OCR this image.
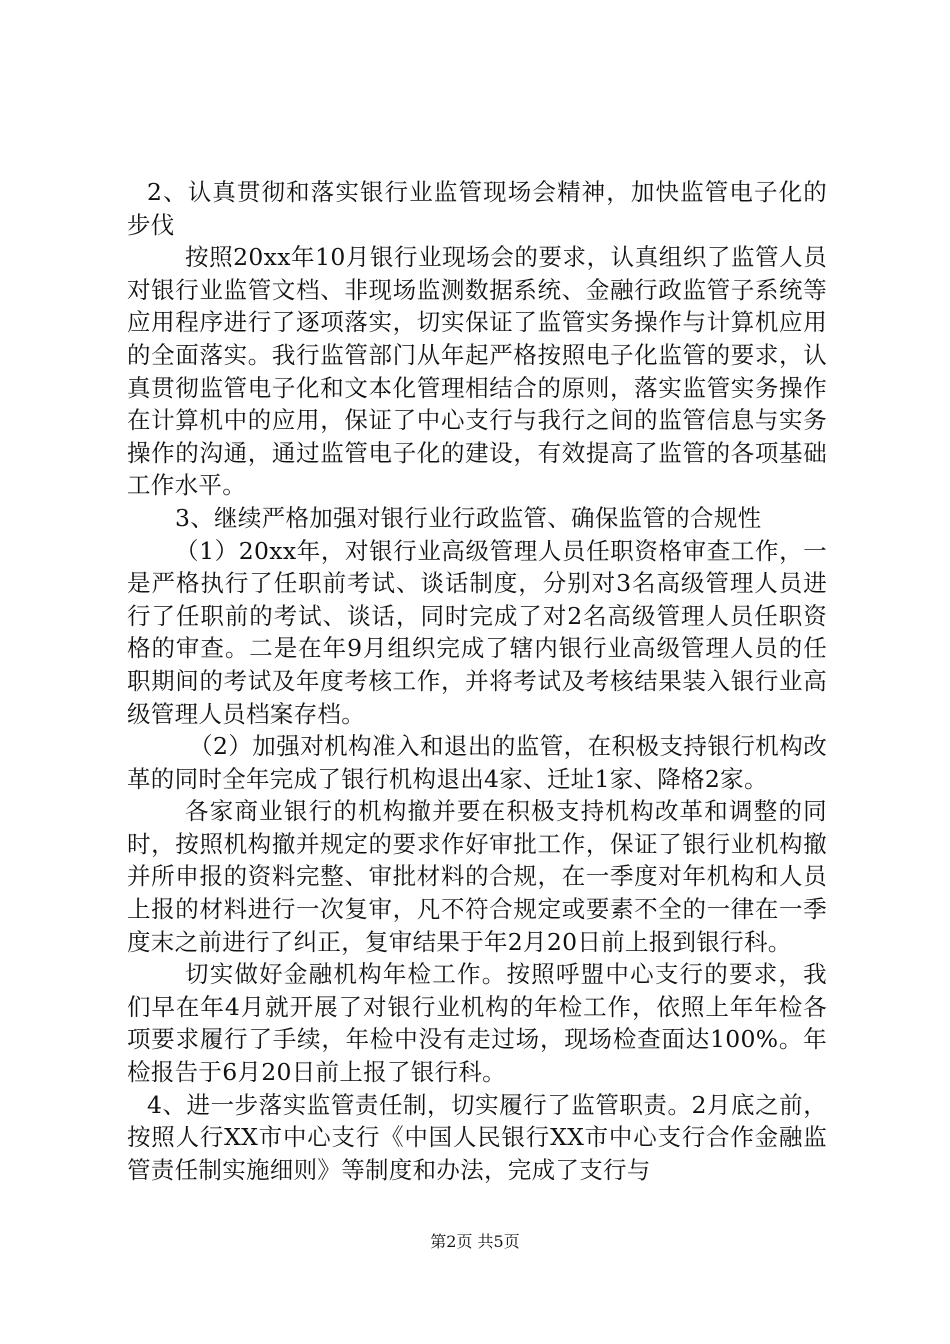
2、认真贯彻和落实银行业监管现场会精神，加快监管电子化的步伐

按照20xx年10月银行业现场会的要求，认真组织了监管人员对银行业监管文档、非现场监测数据系统、金融行政监管子系统等应用程序进行了逐项落实，切实保证了监管实务操作与计算机应用的全面落实。我行监管部门从年起严格按照电子化监管的要求，认真贯彻监管电子化和文本化管理相结合的原则，落实监管实务操作在计算机中的应用，保证了中心支行与我行之间的监管信息与实务操作的沟通，通过监管电子化的建设，有效提高了监管的各项基础工作水平。

3、继续严格加强对银行业行政监管、确保监管的合规性

（1）20xx年，对银行业高级管理人员任职资格审查工作，一是严格执行了任职前考试、谈话制度，分别对3名高级管理人员进行了任职前的考试、谈话，同时完成了对2名高级管理人员任职资格的审查。二是在年9月组织完成了辖内银行业高级管理人员的任职期间的考试及年度考核工作，并将考试及考核结果装入银行业高级管理人员档案存档。

（2）加强对机构准入和退出的监管，在积极支持银行机构改革的同时全年完成了银行机构退出4家、迁址1家、降格2家。

各家商业银行的机构撤并要在积极支持机构改革和调整的同时，按照机构撤并规定的要求作好审批工作，保证了银行业机构撤并所申报的资料完整、审批材料的合规，在一季度对年机构和人员上报的材料进行一次复审，凡不符合规定或要素不全的一律在一季度末之前进行了纠正，复审结果于年2月20日前上报到银行科。

切实做好金融机构年检工作。按照呼盟中心支行的要求，我们早在年4月就开展了对银行业机构的年检工作，依照上年年检各项要求履行了手续，年检中没有走过场，现场检查面达100%。年检报告于6月20日前上报了银行科。

4、进一步落实监管责任制，切实履行了监管职责。2月底之前，按照人行XX市中心支行《中国人民银行XX市中心支行合作金融监管责任制实施细则》等制度和办法，完成了支行与

第2页 共5页
